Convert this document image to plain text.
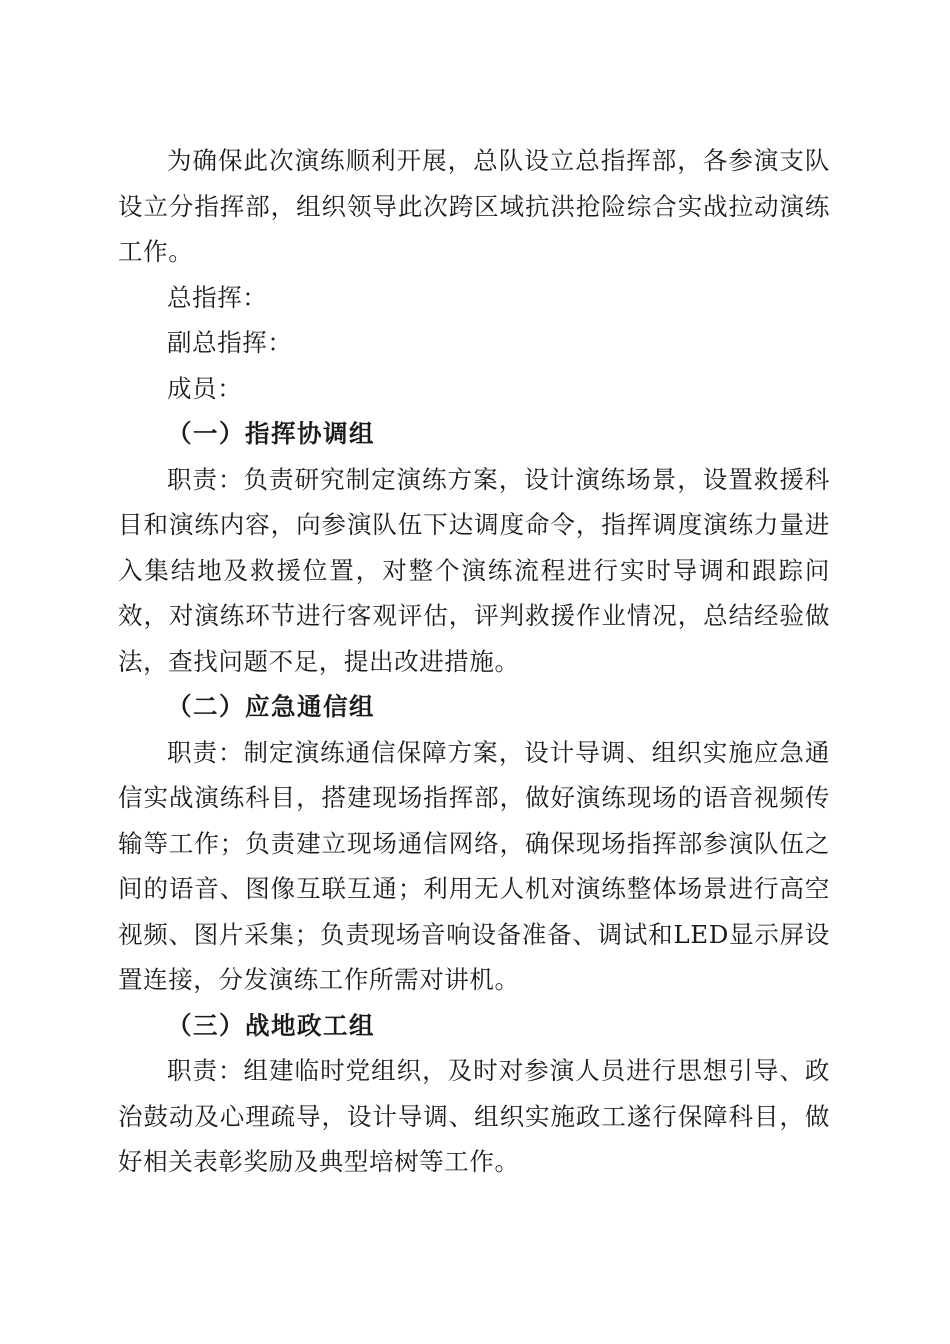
为确保此次演练顺利开展，总队设立总指挥部，各参演支队设立分指挥部，组织领导此次跨区域抗洪抢险综合实战拉动演练工作。

总指挥：

副总指挥：

成员：

（一）指挥协调组

职责：负责研究制定演练方案，设计演练场景，设置救援科目和演练内容，向参演队伍下达调度命令，指挥调度演练力量进入集结地及救援位置，对整个演练流程进行实时导调和跟踪问效，对演练环节进行客观评估，评判救援作业情况，总结经验做法，查找问题不足，提出改进措施。

（二）应急通信组

职责：制定演练通信保障方案，设计导调、组织实施应急通信实战演练科目，搭建现场指挥部，做好演练现场的语音视频传输等工作；负责建立现场通信网络，确保现场指挥部参演队伍之间的语音、图像互联互通；利用无人机对演练整体场景进行高空视频、图片采集；负责现场音响设备准备、调试和LED显示屏设置连接，分发演练工作所需对讲机。

（三）战地政工组

职责：组建临时党组织，及时对参演人员进行思想引导、政治鼓动及心理疏导，设计导调、组织实施政工遂行保障科目，做好相关表彰奖励及典型培树等工作。
